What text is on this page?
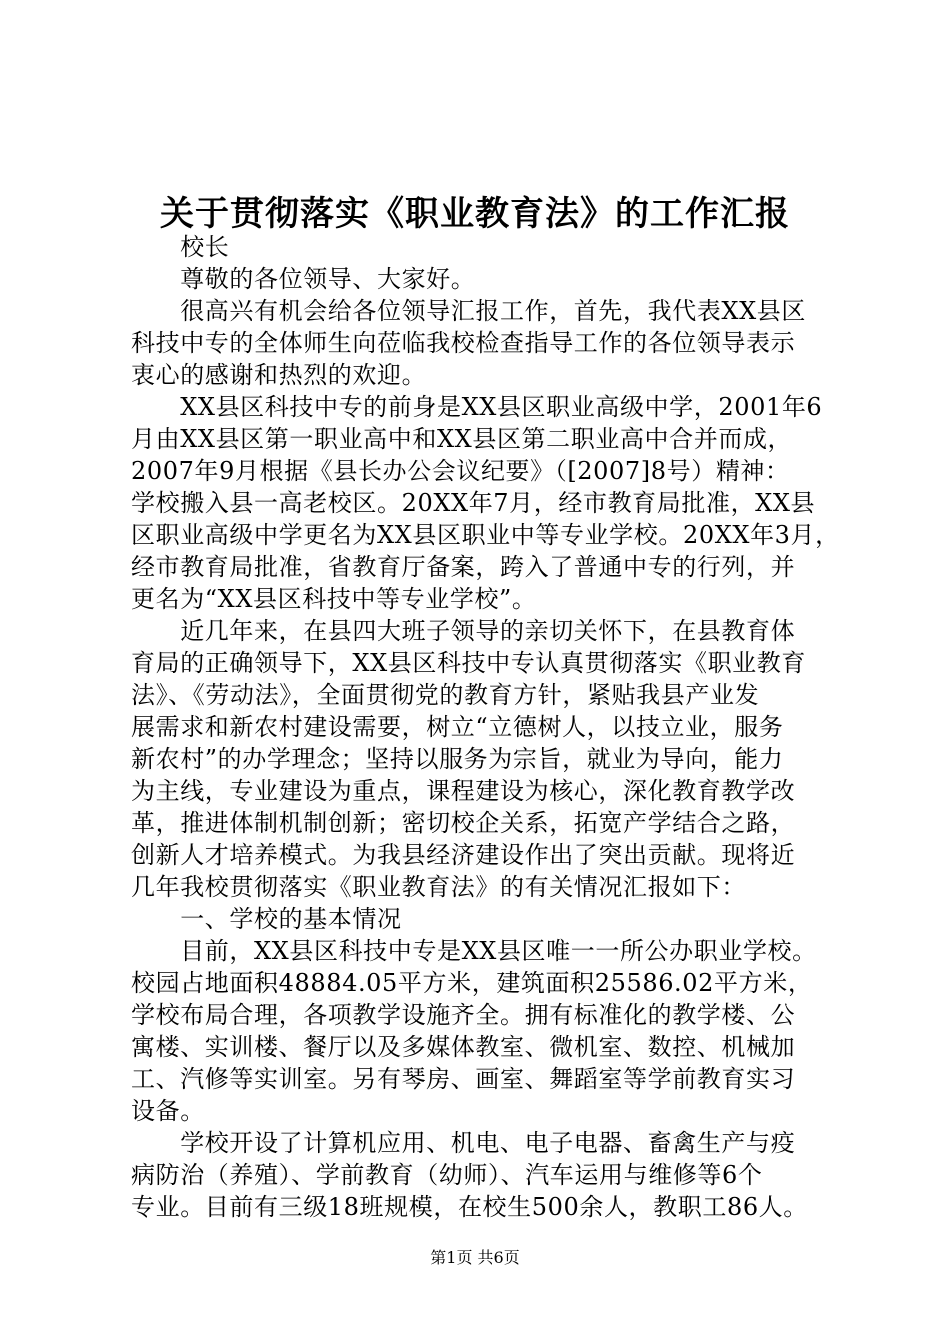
关于贯彻落实《职业教育法》的工作汇报
　　校长
　　尊敬的各位领导、大家好。
　　很高兴有机会给各位领导汇报工作，首先，我代表XX县区
科技中专的全体师生向莅临我校检查指导工作的各位领导表示
衷心的感谢和热烈的欢迎。
　　XX县区科技中专的前身是XX县区职业高级中学，2001年6
月由XX县区第一职业高中和XX县区第二职业高中合并而成，
2007年9月根据《县长办公会议纪要》（[2007]8号）精神：
学校搬入县一高老校区。20XX年7月，经市教育局批准，XX县
区职业高级中学更名为XX县区职业中等专业学校。20XX年3月，
经市教育局批准，省教育厅备案，跨入了普通中专的行列，并
更名为“XX县区科技中等专业学校”。
　　近几年来，在县四大班子领导的亲切关怀下，在县教育体
育局的正确领导下，XX县区科技中专认真贯彻落实《职业教育
法》、《劳动法》，全面贯彻党的教育方针，紧贴我县产业发
展需求和新农村建设需要，树立“立德树人，以技立业，服务
新农村”的办学理念；坚持以服务为宗旨，就业为导向，能力
为主线，专业建设为重点，课程建设为核心，深化教育教学改
革，推进体制机制创新；密切校企关系，拓宽产学结合之路，
创新人才培养模式。为我县经济建设作出了突出贡献。现将近
几年我校贯彻落实《职业教育法》的有关情况汇报如下：
　　一、学校的基本情况
　　目前，XX县区科技中专是XX县区唯一一所公办职业学校。
校园占地面积48884.05平方米，建筑面积25586.02平方米，
学校布局合理，各项教学设施齐全。拥有标准化的教学楼、公
寓楼、实训楼、餐厅以及多媒体教室、微机室、数控、机械加
工、汽修等实训室。另有琴房、画室、舞蹈室等学前教育实习
设备。
　　学校开设了计算机应用、机电、电子电器、畜禽生产与疫
病防治（养殖）、学前教育（幼师）、汽车运用与维修等6个
专业。目前有三级18班规模，在校生500余人，教职工86人。
第1页 共6页
